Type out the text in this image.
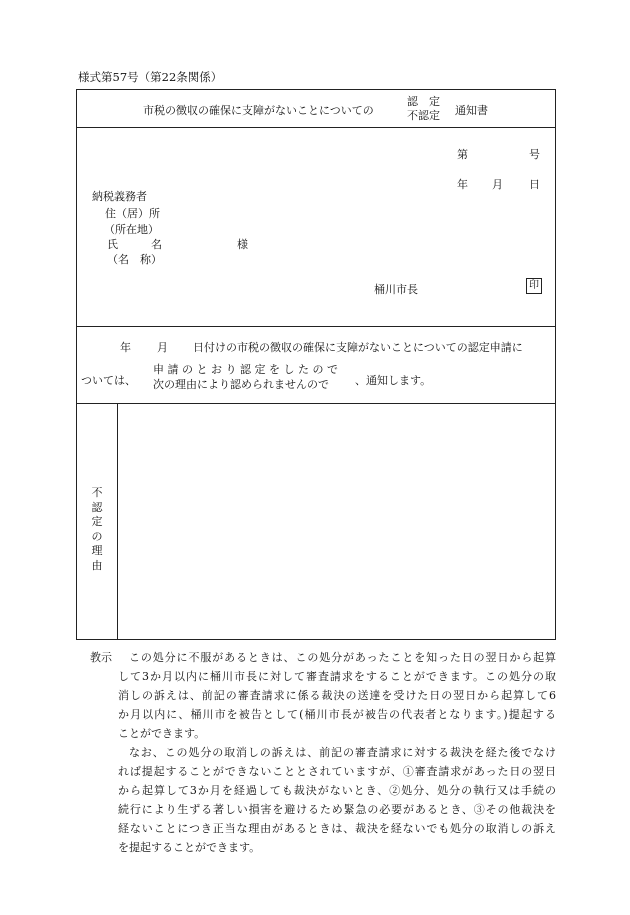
様式第57号（第22条関係）
市税の徴収の確保に支障がないことについての
認　定
不認定 通知書
第	号
年 月 日
納税義務者
住（居）所
（所在地）
氏　　　名	様
（名　称）
桶川市長	印
年 月 日付けの市税の徴収の確保に支障がないことについての認定申請に
ついては、
申 請 の と お り 認 定 を し た の で
次の理由により認められませんので	、通知します。
不認定の理由
教示	この処分に不服があるときは、この処分があったことを知った日の翌日から起算
して3か月以内に桶川市長に対して審査請求をすることができます。この処分の取
消しの訴えは、前記の審査請求に係る裁決の送達を受けた日の翌日から起算して6
か月以内に、桶川市を被告として(桶川市長が被告の代表者となります。)提起する
ことができます。
なお、この処分の取消しの訴えは、前記の審査請求に対する裁決を経た後でなけ
れば提起することができないこととされていますが、①審査請求があった日の翌日
から起算して3か月を経過しても裁決がないとき、②処分、処分の執行又は手続の
続行により生ずる著しい損害を避けるため緊急の必要があるとき、③その他裁決を
経ないことにつき正当な理由があるときは、裁決を経ないでも処分の取消しの訴え
を提起することができます。
